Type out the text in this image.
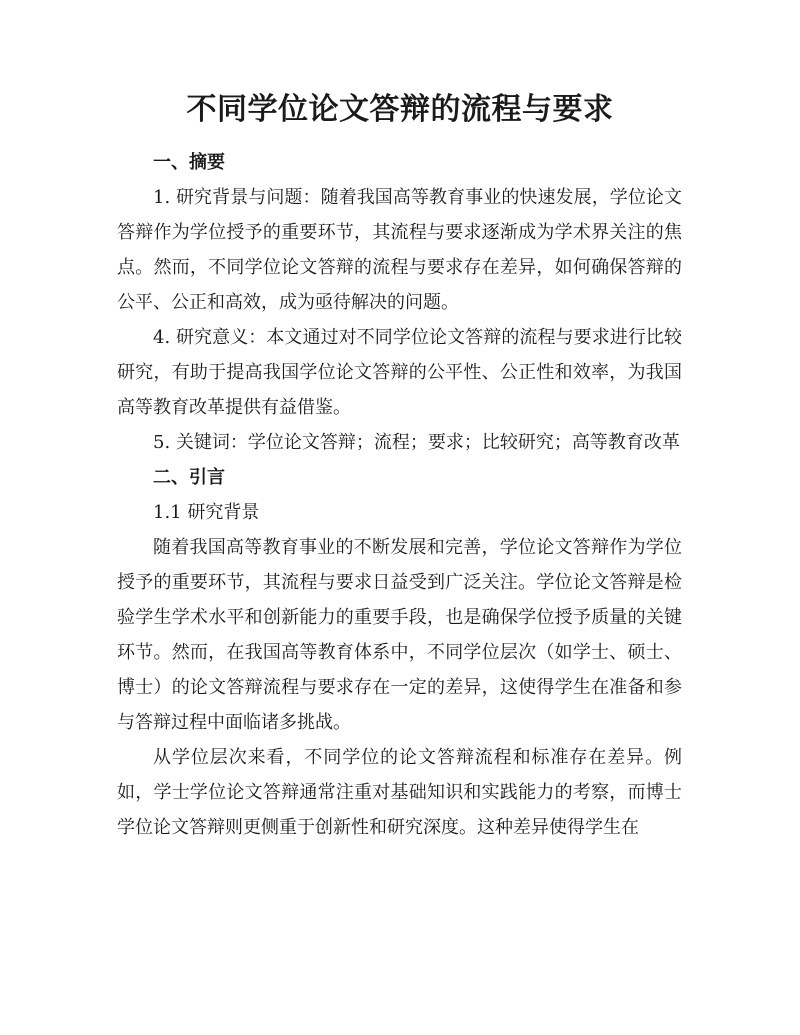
不同学位论文答辩的流程与要求

一、摘要

1. 研究背景与问题：随着我国高等教育事业的快速发展，学位论文答辩作为学位授予的重要环节，其流程与要求逐渐成为学术界关注的焦点。然而，不同学位论文答辩的流程与要求存在差异，如何确保答辩的公平、公正和高效，成为亟待解决的问题。

4. 研究意义：本文通过对不同学位论文答辩的流程与要求进行比较研究，有助于提高我国学位论文答辩的公平性、公正性和效率，为我国高等教育改革提供有益借鉴。

5. 关键词：学位论文答辩；流程；要求；比较研究；高等教育改革

二、引言

1.1 研究背景

随着我国高等教育事业的不断发展和完善，学位论文答辩作为学位授予的重要环节，其流程与要求日益受到广泛关注。学位论文答辩是检验学生学术水平和创新能力的重要手段，也是确保学位授予质量的关键环节。然而，在我国高等教育体系中，不同学位层次（如学士、硕士、博士）的论文答辩流程与要求存在一定的差异，这使得学生在准备和参与答辩过程中面临诸多挑战。

从学位层次来看，不同学位的论文答辩流程和标准存在差异。例如，学士学位论文答辩通常注重对基础知识和实践能力的考察，而博士学位论文答辩则更侧重于创新性和研究深度。这种差异使得学生在
